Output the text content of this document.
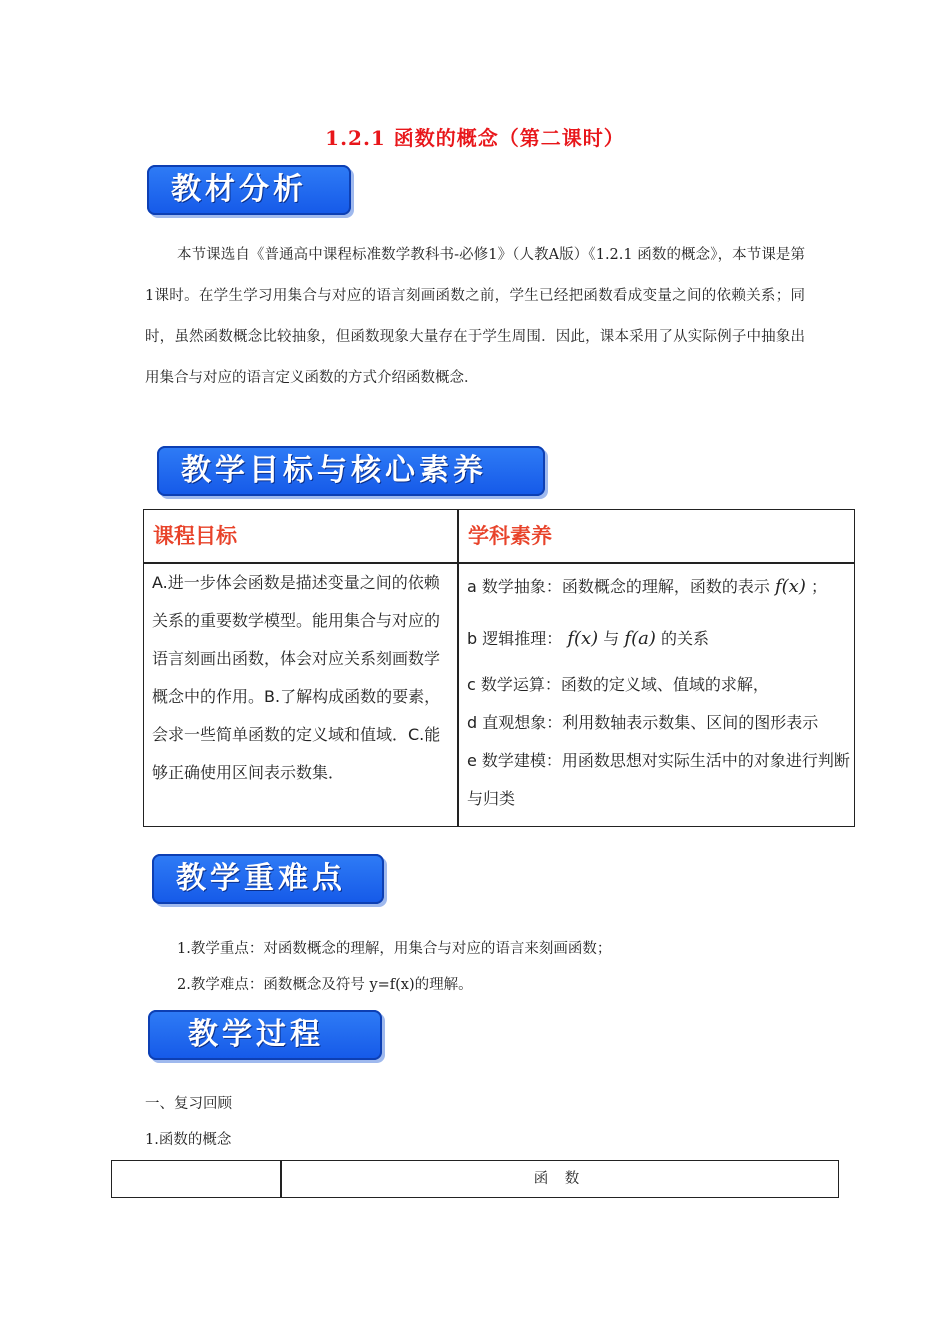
1.2.1 函数的概念（第二课时）
教材分析
本节课选自《普通高中课程标准数学教科书-必修1》（人教A版）《1.2.1 函数的概念》，本节课是第1课时。在学生学习用集合与对应的语言刻画函数之前，学生已经把函数看成变量之间的依赖关系；同时，虽然函数概念比较抽象，但函数现象大量存在于学生周围．因此，课本采用了从实际例子中抽象出用集合与对应的语言定义函数的方式介绍函数概念．
教学目标与核心素养
课程目标	学科素养
A.进一步体会函数是描述变量之间的依赖关系的重要数学模型。能用集合与对应的语言刻画出函数，体会对应关系刻画数学概念中的作用。B.了解构成函数的要素，会求一些简单函数的定义域和值域．C.能够正确使用区间表示数集．
a 数学抽象：函数概念的理解，函数的表示 f(x) ；
b 逻辑推理： f(x) 与 f(a) 的关系
c 数学运算：函数的定义域、值域的求解，
d 直观想象：利用数轴表示数集、区间的图形表示
e 数学建模：用函数思想对实际生活中的对象进行判断与归类
教学重难点
1.教学重点：对函数概念的理解，用集合与对应的语言来刻画函数；
2.教学难点：函数概念及符号 y=f(x)的理解。
教学过程
一、复习回顾
1.函数的概念
函 数
